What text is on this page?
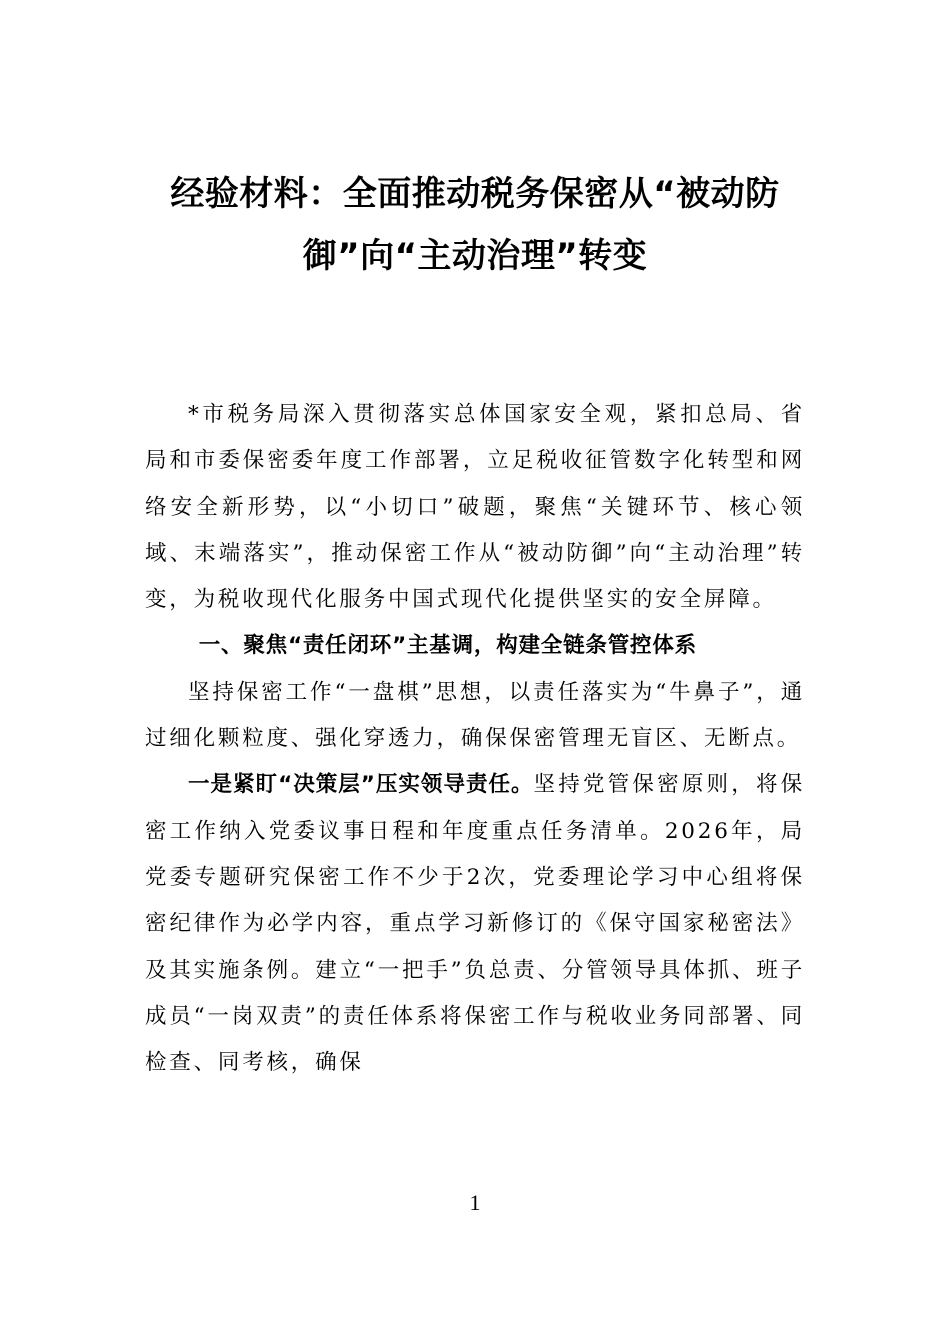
经验材料：全面推动税务保密从“被动防御”向“主动治理”转变

*市税务局深入贯彻落实总体国家安全观，紧扣总局、省局和市委保密委年度工作部署，立足税收征管数字化转型和网络安全新形势，以“小切口”破题，聚焦“关键环节、核心领域、末端落实”，推动保密工作从“被动防御”向“主动治理”转变，为税收现代化服务中国式现代化提供坚实的安全屏障。

一、聚焦“责任闭环”主基调，构建全链条管控体系

坚持保密工作“一盘棋”思想，以责任落实为“牛鼻子”，通过细化颗粒度、强化穿透力，确保保密管理无盲区、无断点。

一是紧盯“决策层”压实领导责任。坚持党管保密原则，将保密工作纳入党委议事日程和年度重点任务清单。2026年，局党委专题研究保密工作不少于2次，党委理论学习中心组将保密纪律作为必学内容，重点学习新修订的《保守国家秘密法》及其实施条例。建立“一把手”负总责、分管领导具体抓、班子成员“一岗双责”的责任体系将保密工作与税收业务同部署、同检查、同考核，确保

1
